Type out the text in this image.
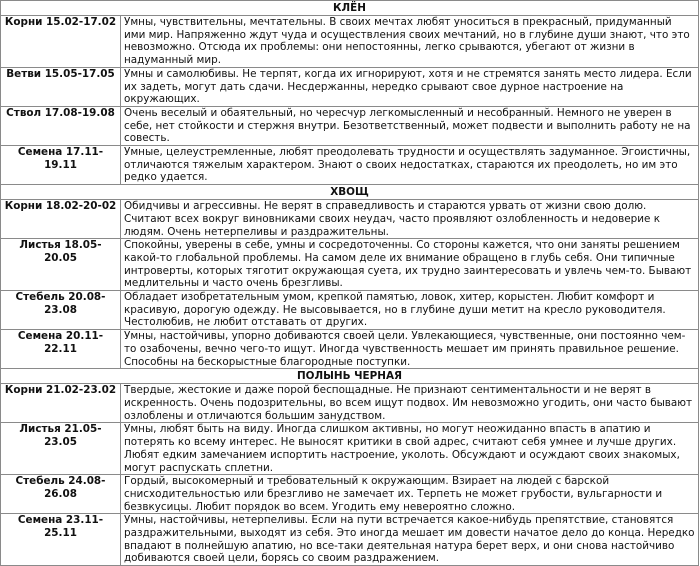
КЛЁН	
Корни 15.02-17.02	Умны, чувствительны, мечтательны. В своих мечтах любят уноситься в прекрасный, придуманный ими мир. Напряженно ждут чуда и осуществления своих мечтаний, но в глубине души знают, что это невозможно. Отсюда их проблемы: они непостоянны, легко срываются, убегают от жизни в надуманный мир.
Ветви 15.05-17.05	Умны и самолюбивы. Не терпят, когда их игнорируют, хотя и не стремятся занять место лидера. Если их задеть, могут дать сдачи. Несдержанны, нередко срывают свое дурное настроение на окружающих.
Ствол 17.08-19.08	Очень веселый и обаятельный, но чересчур легкомысленный и несобранный. Немного не уверен в себе, нет стойкости и стержня внутри. Безответственный, может подвести и выполнить работу не на совесть.
Семена 17.11-19.11	Умные, целеустремленные, любят преодолевать трудности и осуществлять задуманное. Эгоистичны, отличаются тяжелым характером. Знают о своих недостатках, стараются их преодолеть, но им это редко удается.
ХВОЩ	
Корни 18.02-20-02	Обидчивы и агрессивны. Не верят в справедливость и стараются урвать от жизни свою долю. Считают всех вокруг виновниками своих неудач, часто проявляют озлобленность и недоверие к людям. Очень нетерпеливы и раздражительны.
Листья 18.05-20.05	Спокойны, уверены в себе, умны и сосредоточенны. Со стороны кажется, что они заняты решением какой-то глобальной проблемы. На самом деле их внимание обращено в глубь себя. Они типичные интроверты, которых тяготит окружающая суета, их трудно заинтересовать и увлечь чем-то. Бывают медлительны и часто очень брезгливы.
Стебель 20.08-23.08	Обладает изобретательным умом, крепкой памятью, ловок, хитер, корыстен. Любит комфорт и красивую, дорогую одежду. Не высовывается, но в глубине души метит на кресло руководителя. Честолюбив, не любит отставать от других.
Семена 20.11-22.11	Умны, настойчивы, упорно добиваются своей цели. Увлекающиеся, чувственные, они постоянно чем-то озабочены, вечно чего-то ищут. Иногда чувственность мешает им принять правильное решение. Способны на бескорыстные благородные поступки.
ПОЛЫНЬ ЧЕРНАЯ	
Корни 21.02-23.02	Твердые, жестокие и даже порой беспощадные. Не признают сентиментальности и не верят в искренность. Очень подозрительны, во всем ищут подвох. Им невозможно угодить, они часто бывают озлоблены и отличаются большим занудством.
Листья 21.05-23.05	Умны, любят быть на виду. Иногда слишком активны, но могут неожиданно впасть в апатию и потерять ко всему интерес. Не выносят критики в свой адрес, считают себя умнее и лучше других. Любят едким замечанием испортить настроение, уколоть. Обсуждают и осуждают своих знакомых, могут распускать сплетни.
Стебель 24.08-26.08	Гордый, высокомерный и требовательный к окружающим. Взирает на людей с барской снисходительностью или брезгливо не замечает их. Терпеть не может грубости, вульгарности и безвкусицы. Любит порядок во всем. Угодить ему невероятно сложно.
Семена 23.11-25.11	Умны, настойчивы, нетерпеливы. Если на пути встречается какое-нибудь препятствие, становятся раздражительными, выходят из себя. Это иногда мешает им довести начатое дело до конца. Нередко впадают в полнейшую апатию, но все-таки деятельная натура берет верх, и они снова настойчиво добиваются своей цели, борясь со своим раздражением.
